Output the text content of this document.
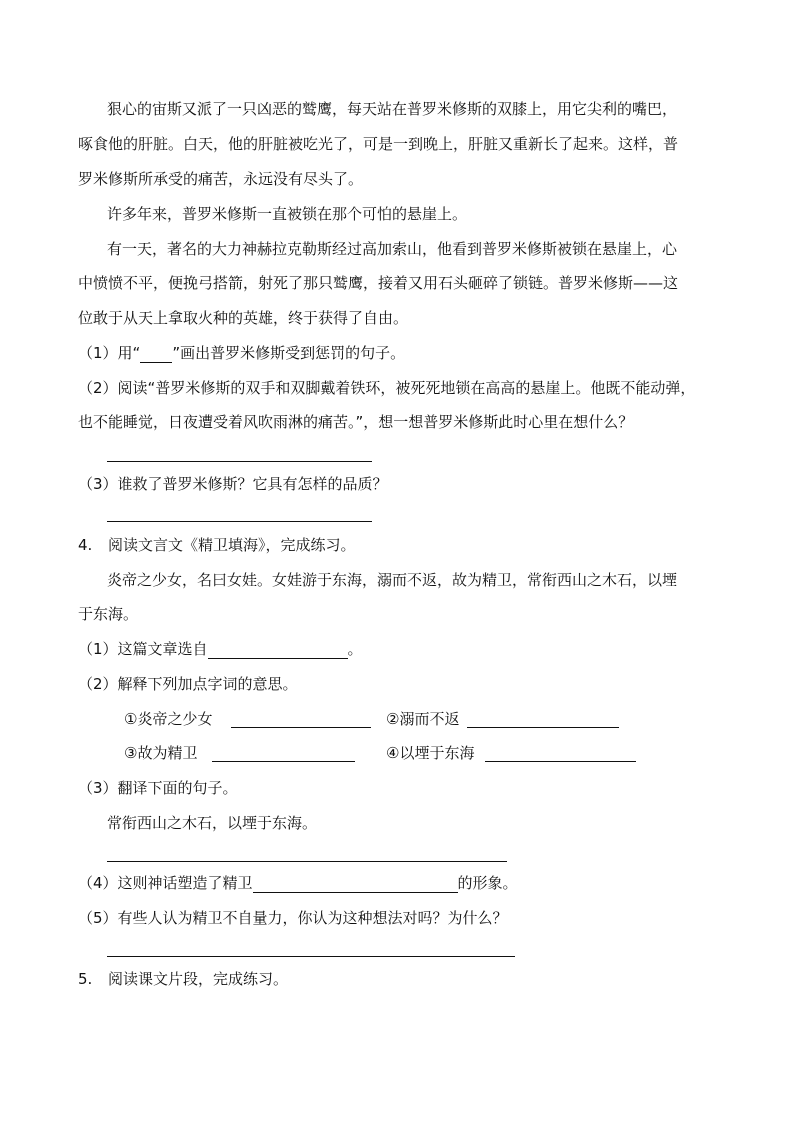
狠心的宙斯又派了一只凶恶的鹫鹰，每天站在普罗米修斯的双膝上，用它尖利的嘴巴，
啄食他的肝脏。白天，他的肝脏被吃光了，可是一到晚上，肝脏又重新长了起来。这样，普
罗米修斯所承受的痛苦，永远没有尽头了。
许多年来，普罗米修斯一直被锁在那个可怕的悬崖上。
有一天，著名的大力神赫拉克勒斯经过高加索山，他看到普罗米修斯被锁在悬崖上，心
中愤愤不平，便挽弓搭箭，射死了那只鹫鹰，接着又用石头砸碎了锁链。普罗米修斯——这
位敢于从天上拿取火种的英雄，终于获得了自由。
（1）用“ ”画出普罗米修斯受到惩罚的句子。
（2）阅读“普罗米修斯的双手和双脚戴着铁环，被死死地锁在高高的悬崖上。他既不能动弹，
也不能睡觉，日夜遭受着风吹雨淋的痛苦。”，想一想普罗米修斯此时心里在想什么？
（3）谁救了普罗米修斯？它具有怎样的品质？
4. 阅读文言文《精卫填海》，完成练习。
炎帝之少女，名曰女娃。女娃游于东海，溺而不返，故为精卫，常衔西山之木石，以堙
于东海。
（1）这篇文章选自	。
（2）解释下列加点字词的意思。
①炎帝之少女	②溺而不返
③故为精卫	④以堙于东海
（3）翻译下面的句子。
常衔西山之木石，以堙于东海。
（4）这则神话塑造了精卫	的形象。
（5）有些人认为精卫不自量力，你认为这种想法对吗？为什么？
5. 阅读课文片段，完成练习。
